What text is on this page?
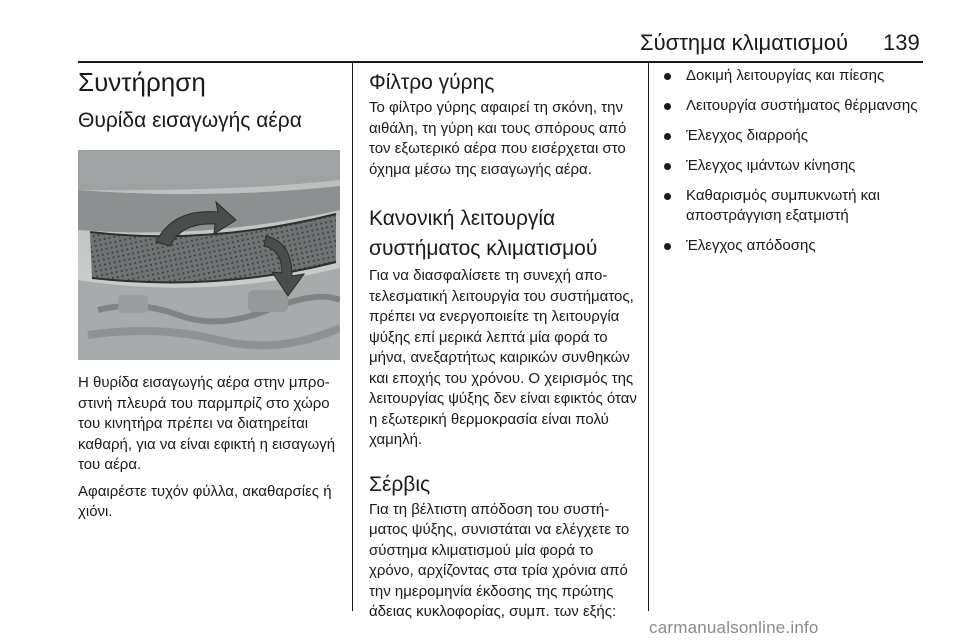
Σύστημα κλιματισμού 139
Συντήρηση
Θυρίδα εισαγωγής αέρα

Η θυρίδα εισαγωγής αέρα στην μπροστινή πλευρά του παρμπρίζ στο χώρο του κινητήρα πρέπει να διατηρείται καθαρή, για να είναι εφικτή η εισαγωγή του αέρα.

Αφαιρέστε τυχόν φύλλα, ακαθαρσίες ή χιόνι.

Φίλτρο γύρης

Το φίλτρο γύρης αφαιρεί τη σκόνη, την αιθάλη, τη γύρη και τους σπόρους από τον εξωτερικό αέρα που εισέρχεται στο όχημα μέσω της εισαγωγής αέρα.

Κανονική λειτουργία
συστήματος κλιματισμού

Για να διασφαλίσετε τη συνεχή αποτελεσματική λειτουργία του συστήματος, πρέπει να ενεργοποιείτε τη λειτουργία ψύξης επί μερικά λεπτά μία φορά το μήνα, ανεξαρτήτως καιρικών συνθηκών και εποχής του χρόνου. Ο χειρισμός της λειτουργίας ψύξης δεν είναι εφικτός όταν η εξωτερική θερμοκρασία είναι πολύ χαμηλή.

Σέρβις

Για τη βέλτιστη απόδοση του συστήματος ψύξης, συνιστάται να ελέγχετε το σύστημα κλιματισμού μία φορά το χρόνο, αρχίζοντας στα τρία χρόνια από την ημερομηνία έκδοσης της πρώτης άδειας κυκλοφορίας, συμπ. των εξής:

Δοκιμή λειτουργίας και πίεσης
Λειτουργία συστήματος θέρμανσης
Έλεγχος διαρροής
Έλεγχος ιμάντων κίνησης
Καθαρισμός συμπυκνωτή και αποστράγγιση εξατμιστή
Έλεγχος απόδοσης
carmanualsonline.info
